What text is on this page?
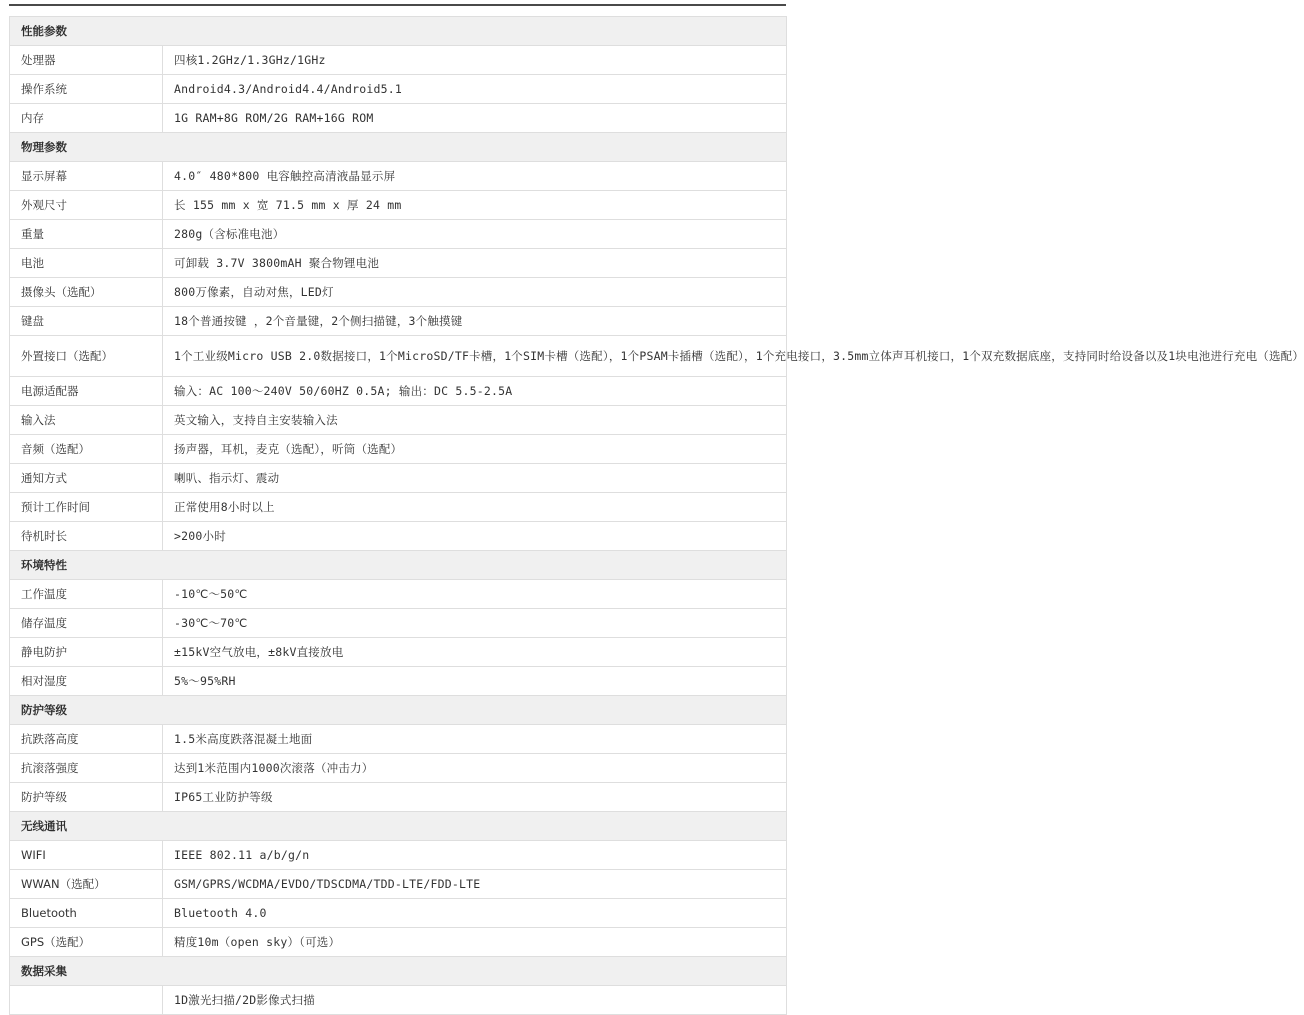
性能参数	
处理器	四核1.2GHz/1.3GHz/1GHz
操作系统	Android4.3/Android4.4/Android5.1
内存	1G RAM+8G ROM/2G RAM+16G ROM
物理参数	
显示屏幕	4.0″ 480*800 电容触控高清液晶显示屏
外观尺寸	长 155 mm x 宽 71.5 mm x 厚 24 mm
重量	280g（含标准电池）
电池	可卸载 3.7V 3800mAH 聚合物锂电池
摄像头（选配）	800万像素，自动对焦，LED灯
键盘	18个普通按键 ，2个音量键，2个侧扫描键，3个触摸键
外置接口（选配）	1个工业级Micro USB 2.0数据接口，1个MicroSD/TF卡槽，1个SIM卡槽（选配），1个PSAM卡插槽（选配），1个充电接口，3.5mm立体声耳机接口，1个双充数据底座，支持同时给设备以及1块电池进行充电（选配）
电源适配器	输入：AC 100～240V 50/60HZ 0.5A; 输出：DC 5.5-2.5A
输入法	英文输入，支持自主安装输入法
音频（选配）	扬声器，耳机，麦克（选配），听筒（选配）
通知方式	喇叭、指示灯、震动
预计工作时间	正常使用8小时以上
待机时长	>200小时
环境特性	
工作温度	-10℃～50℃
储存温度	-30℃～70℃
静电防护	±15kV空气放电，±8kV直接放电
相对湿度	5%～95%RH
防护等级	
抗跌落高度	1.5米高度跌落混凝土地面
抗滚落强度	达到1米范围内1000次滚落（冲击力）
防护等级	IP65工业防护等级
无线通讯	
WIFI	IEEE 802.11 a/b/g/n
WWAN（选配）	GSM/GPRS/WCDMA/EVDO/TDSCDMA/TDD-LTE/FDD-LTE
Bluetooth	Bluetooth 4.0
GPS（选配）	精度10m（open sky）（可选）
数据采集	
	1D激光扫描/2D影像式扫描
